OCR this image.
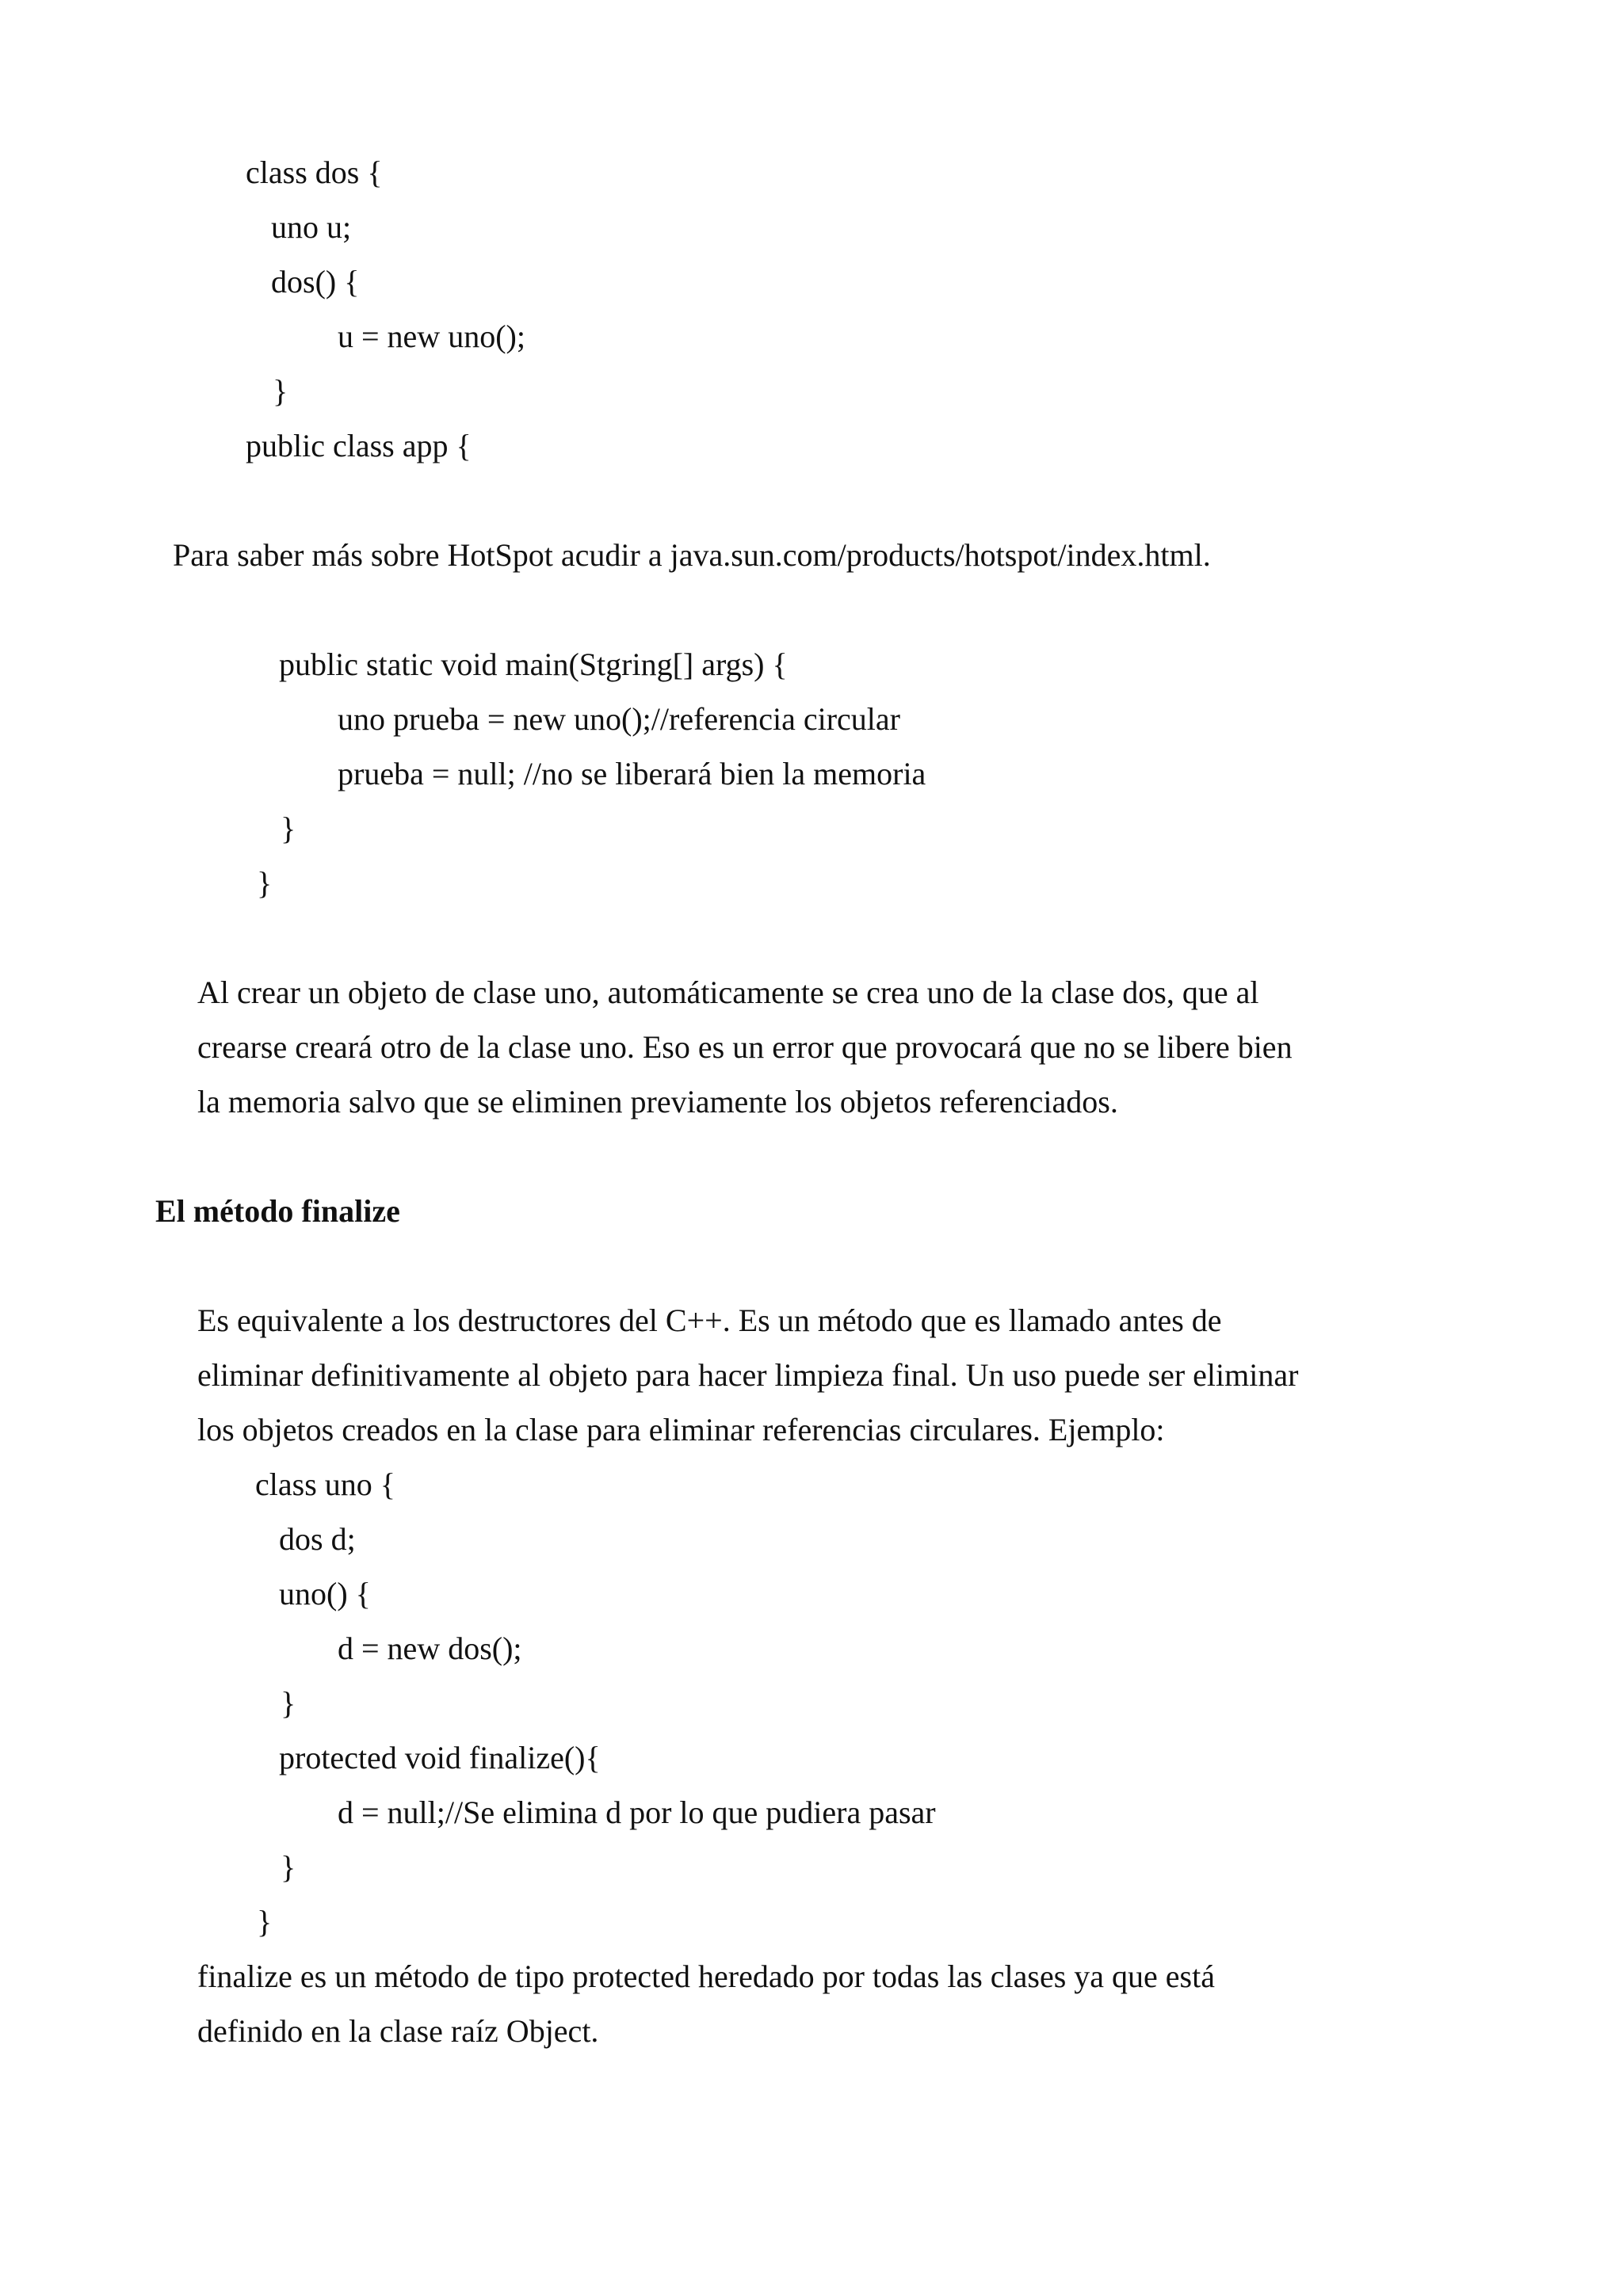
class dos {

uno u;

dos() {

u = new uno();

}

public class app {

Para saber más sobre HotSpot acudir a java.sun.com/products/hotspot/index.html.

public static void main(Stgring[] args) {

uno prueba = new uno();//referencia circular

prueba = null; //no se liberará bien la memoria

}

}

Al crear un objeto de clase uno, automáticamente se crea uno de la clase dos, que al

crearse creará otro de la clase uno. Eso es un error que provocará que no se libere bien

la memoria salvo que se eliminen previamente los objetos referenciados.

El método finalize

Es equivalente a los destructores del C++. Es un método que es llamado antes de

eliminar definitivamente al objeto para hacer limpieza final. Un uso puede ser eliminar

los objetos creados en la clase para eliminar referencias circulares. Ejemplo:

class uno {

dos d;

uno() {

d = new dos();

}

protected void finalize(){

d = null;//Se elimina d por lo que pudiera pasar

}

}

finalize es un método de tipo protected heredado por todas las clases ya que está

definido en la clase raíz Object.
